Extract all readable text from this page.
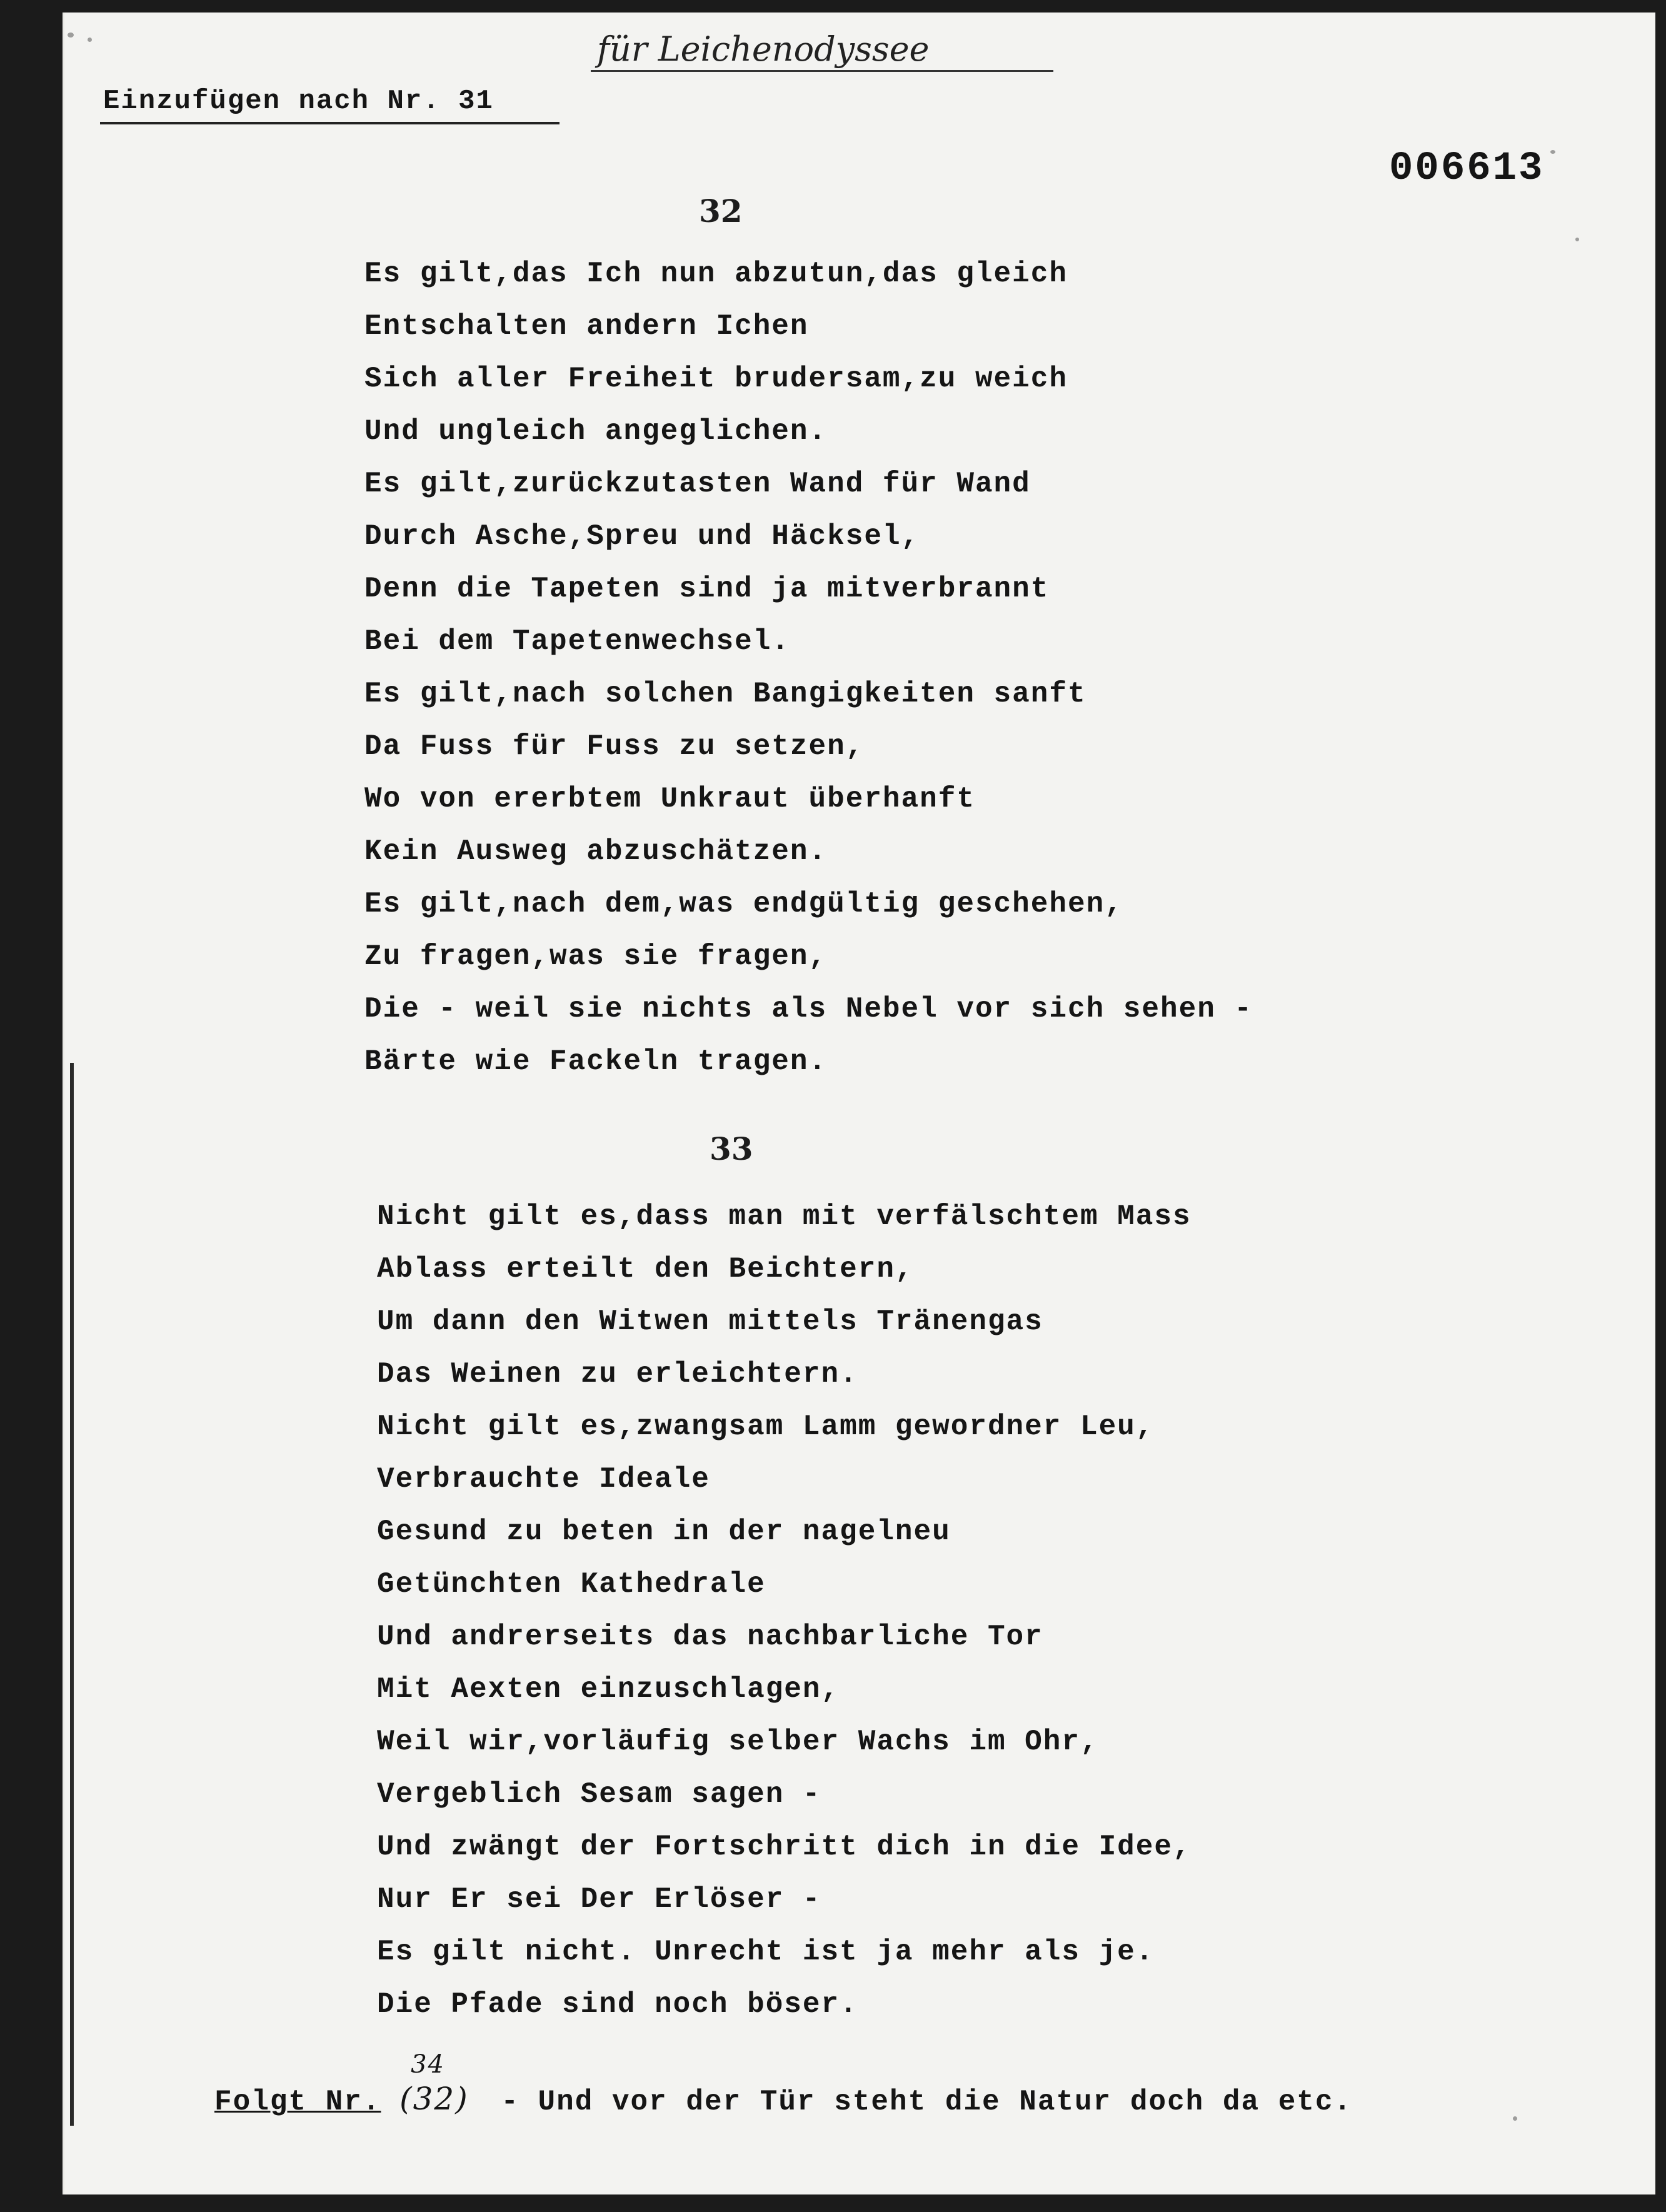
für Leichenodyssee
Einzufügen nach Nr. 31
006613
32
Es gilt,das Ich nun abzutun,das gleich
Entschalten andern Ichen
Sich aller Freiheit brudersam,zu weich
Und ungleich angeglichen.
Es gilt,zurückzutasten Wand für Wand
Durch Asche,Spreu und Häcksel,
Denn die Tapeten sind ja mitverbrannt
Bei dem Tapetenwechsel.
Es gilt,nach solchen Bangigkeiten sanft
Da Fuss für Fuss zu setzen,
Wo von ererbtem Unkraut überhanft
Kein Ausweg abzuschätzen.
Es gilt,nach dem,was endgültig geschehen,
Zu fragen,was sie fragen,
Die - weil sie nichts als Nebel vor sich sehen -
Bärte wie Fackeln tragen.
33
Nicht gilt es,dass man mit verfälschtem Mass
Ablass erteilt den Beichtern,
Um dann den Witwen mittels Tränengas
Das Weinen zu erleichtern.
Nicht gilt es,zwangsam Lamm gewordner Leu,
Verbrauchte Ideale
Gesund zu beten in der nagelneu
Getünchten Kathedrale
Und andrerseits das nachbarliche Tor
Mit Aexten einzuschlagen,
Weil wir,vorläufig selber Wachs im Ohr,
Vergeblich Sesam sagen -
Und zwängt der Fortschritt dich in die Idee,
Nur Er sei Der Erlöser -
Es gilt nicht. Unrecht ist ja mehr als je.
Die Pfade sind noch böser.
Folgt Nr.
34
(32) - Und vor der Tür steht die Natur doch da etc.
